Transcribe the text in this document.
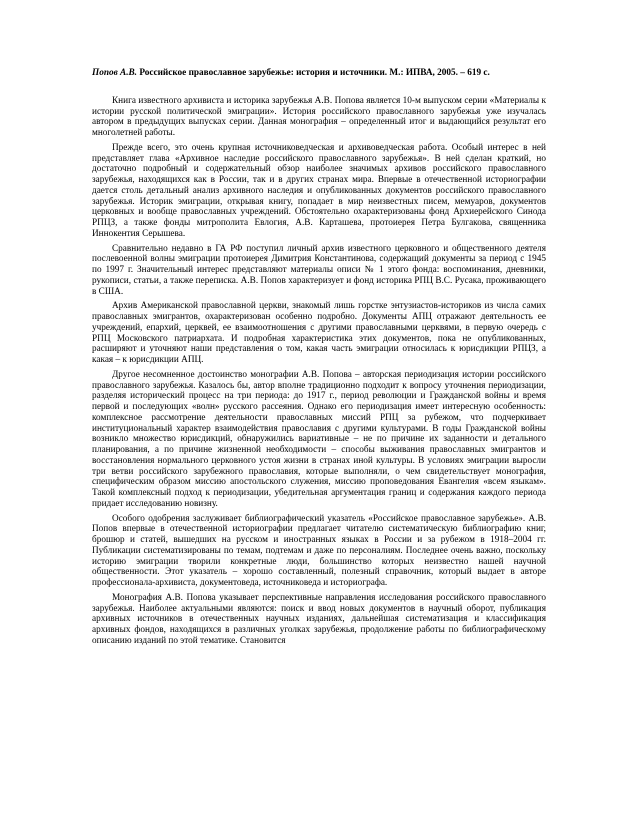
Попов А.В. Российское православное зарубежье: история и источники. М.: ИПВА, 2005. – 619 с.

Книга известного архивиста и историка зарубежья А.В. Попова является 10-м выпуском серии «Материалы к истории русской политической эмиграции». История российского православного зарубежья уже изучалась автором в предыдущих выпусках серии. Данная монография – определенный итог и выдающийся результат его многолетней работы.

Прежде всего, это очень крупная источниковедческая и архивоведческая работа. Особый интерес в ней представляет глава «Архивное наследие российского православного зарубежья». В ней сделан краткий, но достаточно подробный и содержательный обзор наиболее значимых архивов российского православного зарубежья, находящихся как в России, так и в других странах мира. Впервые в отечественной историографии дается столь детальный анализ архивного наследия и опубликованных документов российского православного зарубежья. Историк эмиграции, открывая книгу, попадает в мир неизвестных писем, мемуаров, документов церковных и вообще православных учреждений. Обстоятельно охарактеризованы фонд Архиерейского Синода РПЦЗ, а также фонды митрополита Евлогия, А.В. Карташева, протоиерея Петра Булгакова, священника Иннокентия Серышева.

Сравнительно недавно в ГА РФ поступил личный архив известного церковного и общественного деятеля послевоенной волны эмиграции протоиерея Димитрия Константинова, содержащий документы за период с 1945 по 1997 г. Значительный интерес представляют материалы описи № 1 этого фонда: воспоминания, дневники, рукописи, статьи, а также переписка. А.В. Попов характеризует и фонд историка РПЦ В.С. Русака, проживающего в США.

Архив Американской православной церкви, знакомый лишь горстке энтузиастов-историков из числа самих православных эмигрантов, охарактеризован особенно подробно. Документы АПЦ отражают деятельность ее учреждений, епархий, церквей, ее взаимоотношения с другими православными церквями, в первую очередь с РПЦ Московского патриархата. И подробная характеристика этих документов, пока не опубликованных, расширяют и уточняют наши представления о том, какая часть эмиграции относилась к юрисдикции РПЦЗ, а какая – к юрисдикции АПЦ.

Другое несомненное достоинство монографии А.В. Попова – авторская периодизация истории российского православного зарубежья. Казалось бы, автор вполне традиционно подходит к вопросу уточнения периодизации, разделяя исторический процесс на три периода: до 1917 г., период революции и Гражданской войны и время первой и последующих «волн» русского рассеяния. Однако его периодизация имеет интересную особенность: комплексное рассмотрение деятельности православных миссий РПЦ за рубежом, что подчеркивает институциональный характер взаимодействия православия с другими культурами. В годы Гражданской войны возникло множество юрисдикций, обнаружились вариативные – не по причине их заданности и детального планирования, а по причине жизненной необходимости – способы выживания православных эмигрантов и восстановления нормального церковного устоя жизни в странах иной культуры. В условиях эмиграции выросли три ветви российского зарубежного православия, которые выполняли, о чем свидетельствует монография, специфическим образом миссию апостольского служения, миссию проповедования Евангелия «всем языкам». Такой комплексный подход к периодизации, убедительная аргументация границ и содержания каждого периода придает исследованию новизну.

Особого одобрения заслуживает библиографический указатель «Российское православное зарубежье». А.В. Попов впервые в отечественной историографии предлагает читателю систематическую библиографию книг, брошюр и статей, вышедших на русском и иностранных языках в России и за рубежом в 1918–2004 гг. Публикации систематизированы по темам, подтемам и даже по персоналиям. Последнее очень важно, поскольку историю эмиграции творили конкретные люди, большинство которых неизвестно нашей научной общественности. Этот указатель – хорошо составленный, полезный справочник, который выдает в авторе профессионала-архивиста, документоведа, источниковеда и историографа.

Монография А.В. Попова указывает перспективные направления исследования российского православного зарубежья. Наиболее актуальными являются: поиск и ввод новых документов в научный оборот, публикация архивных источников в отечественных научных изданиях, дальнейшая систематизация и классификация архивных фондов, находящихся в различных уголках зарубежья, продолжение работы по библиографическому описанию изданий по этой тематике. Становится
